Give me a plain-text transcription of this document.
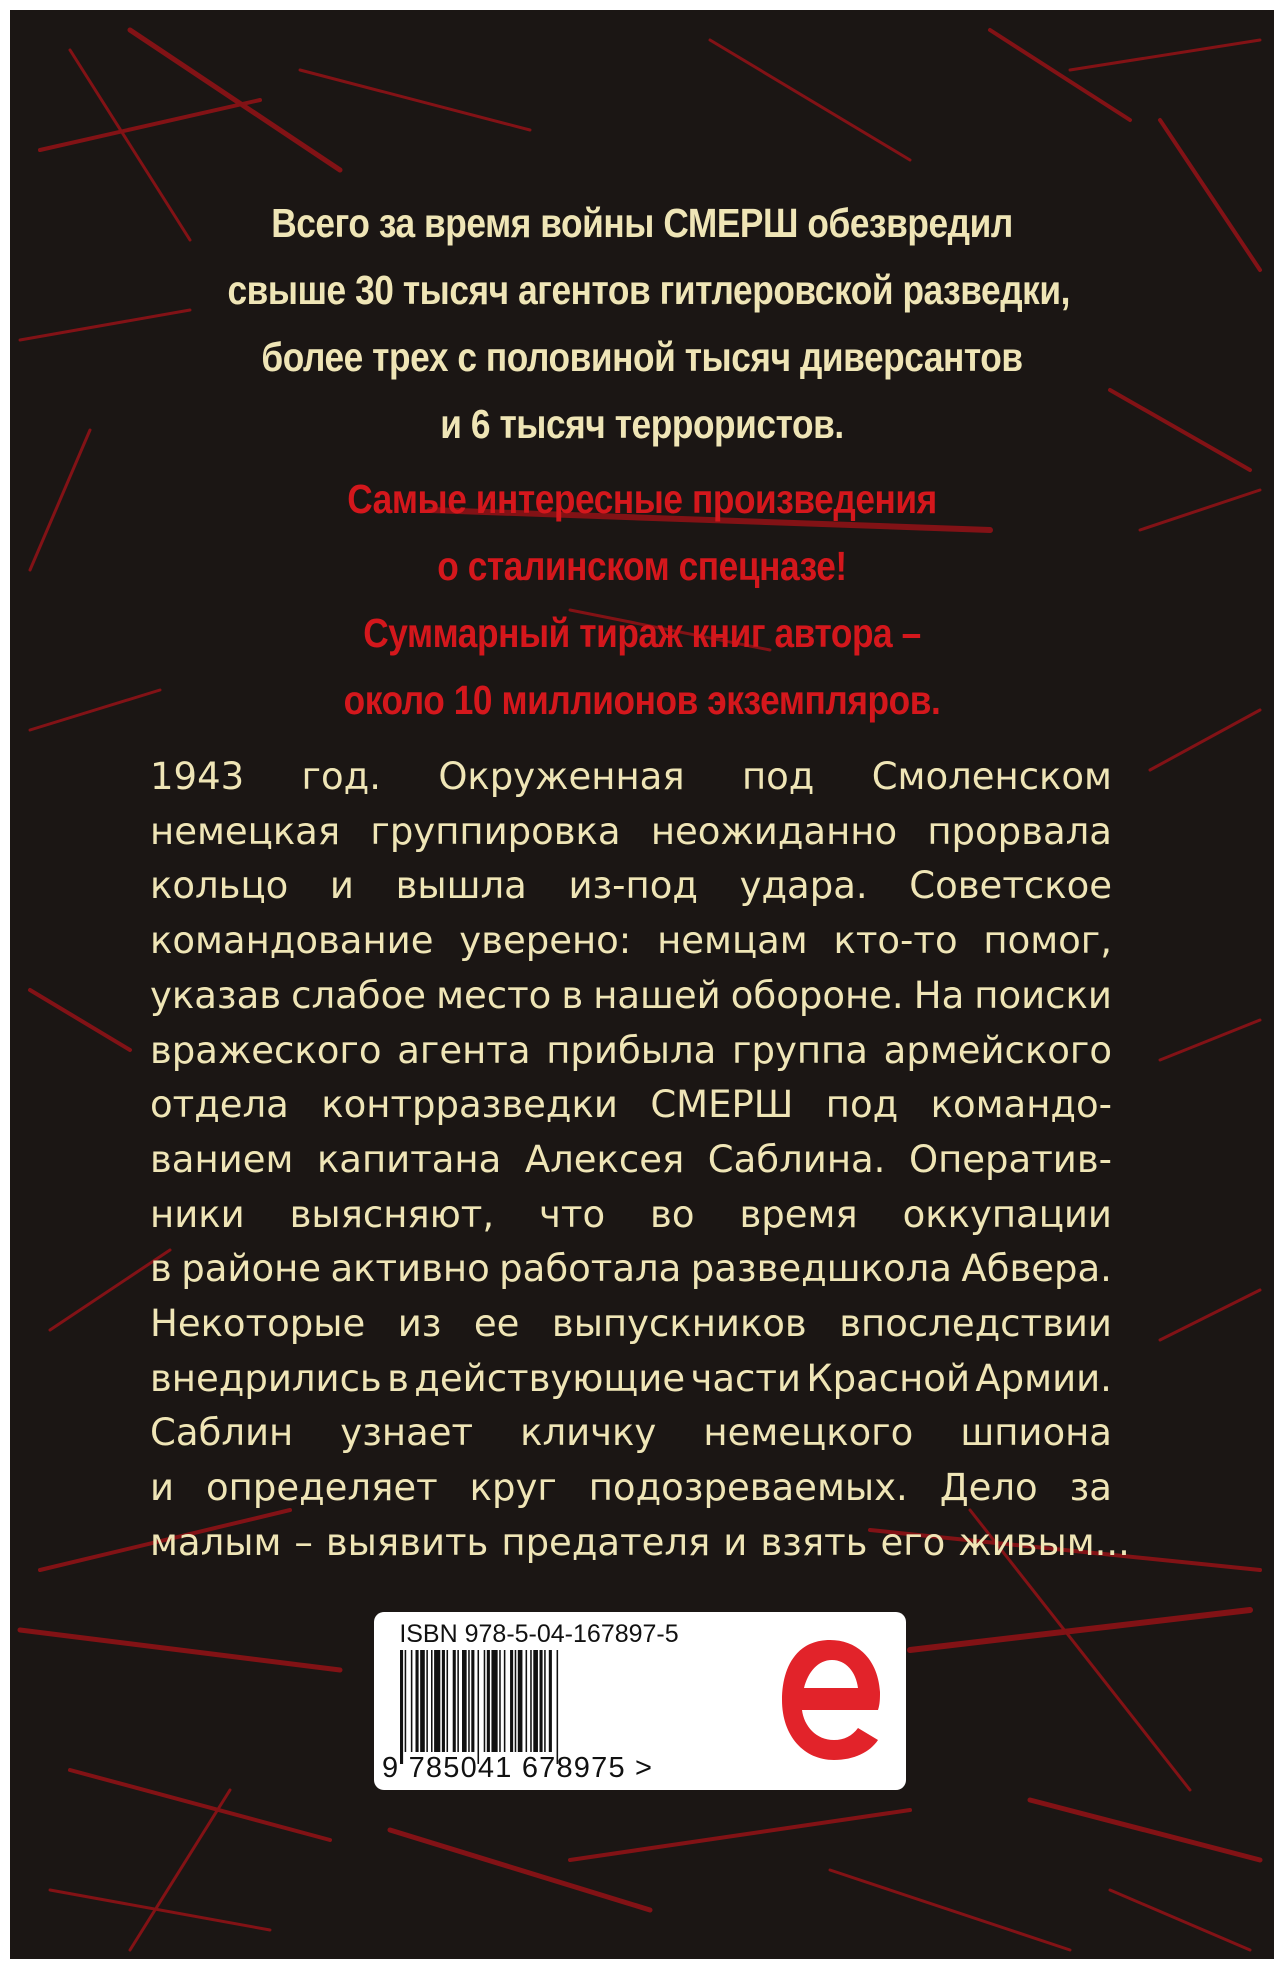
Всего за время войны СМЕРШ обезвредил
свыше 30 тысяч агентов гитлеровской разведки,
более трех с половиной тысяч диверсантов
и 6 тысяч террористов.
Самые интересные произведения
о сталинском спецназе!
Суммарный тираж книг автора –
около 10 миллионов экземпляров.
1943 год. Окруженная под Смоленском
немецкая группировка неожиданно прорвала
кольцо и вышла из-под удара. Советское
командование уверено: немцам кто-то помог,
указав слабое место в нашей обороне. На поиски
вражеского агента прибыла группа армейского
отдела контрразведки СМЕРШ под командо-
ванием капитана Алексея Саблина. Оператив-
ники выясняют, что во время оккупации
в районе активно работала разведшкола Абвера.
Некоторые из ее выпускников впоследствии
внедрились в действующие части Красной Армии.
Саблин узнает кличку немецкого шпиона
и определяет круг подозреваемых. Дело за
малым – выявить предателя и взять его живым...
ISBN 978-5-04-167897-5
9 785041 678975 >
